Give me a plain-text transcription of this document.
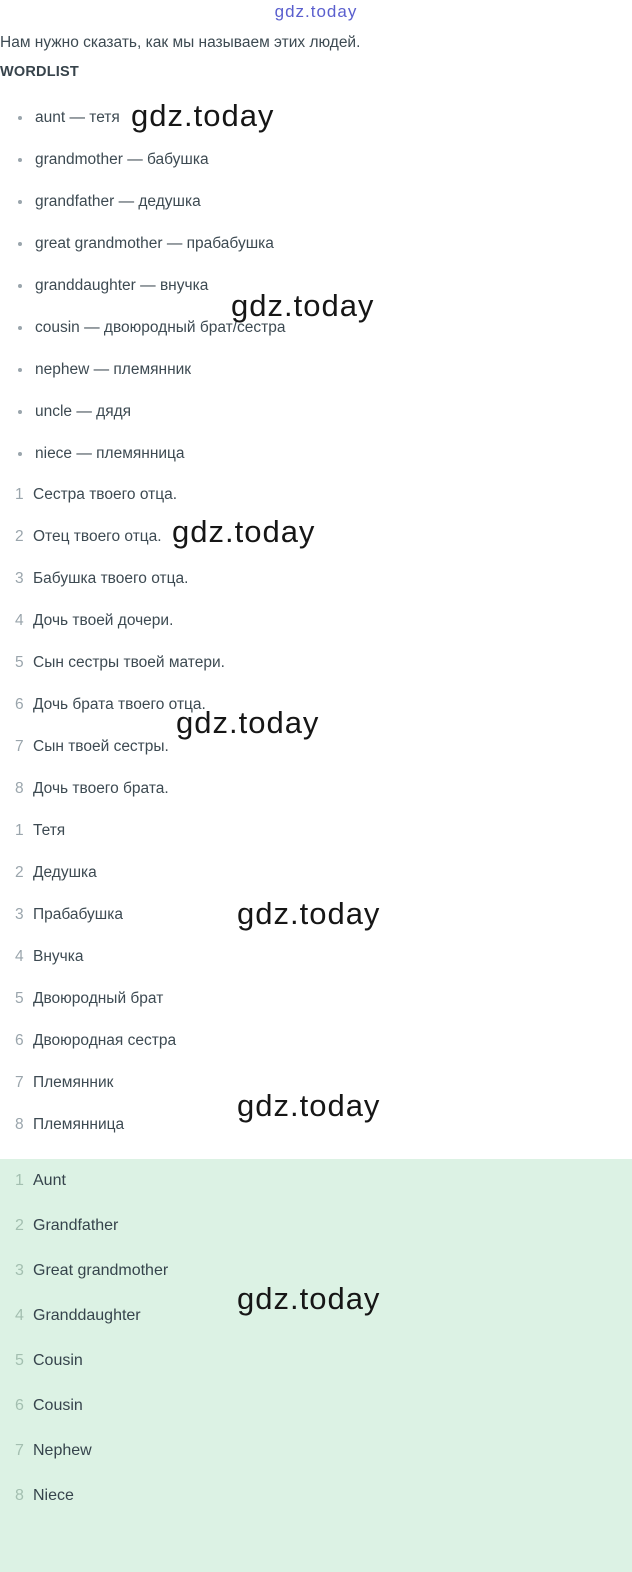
gdz.today

Нам нужно сказать, как мы называем этих людей.

WORDLIST
aunt — тетя
grandmother — бабушка
grandfather — дедушка
great grandmother — прабабушка
granddaughter — внучка
cousin — двоюродный брат/сестра
nephew — племянник
uncle — дядя
niece — племянница
1 Сестра твоего отца.
2 Отец твоего отца.
3 Бабушка твоего отца.
4 Дочь твоей дочери.
5 Сын сестры твоей матери.
6 Дочь брата твоего отца.
7 Сын твоей сестры.
8 Дочь твоего брата.
1 Тетя
2 Дедушка
3 Прабабушка
4 Внучка
5 Двоюродный брат
6 Двоюродная сестра
7 Племянник
8 Племянница
1 Aunt
2 Grandfather
3 Great grandmother
4 Granddaughter
5 Cousin
6 Cousin
7 Nephew
8 Niece
gdz.today
gdz.today
gdz.today
gdz.today
gdz.today
gdz.today
gdz.today
